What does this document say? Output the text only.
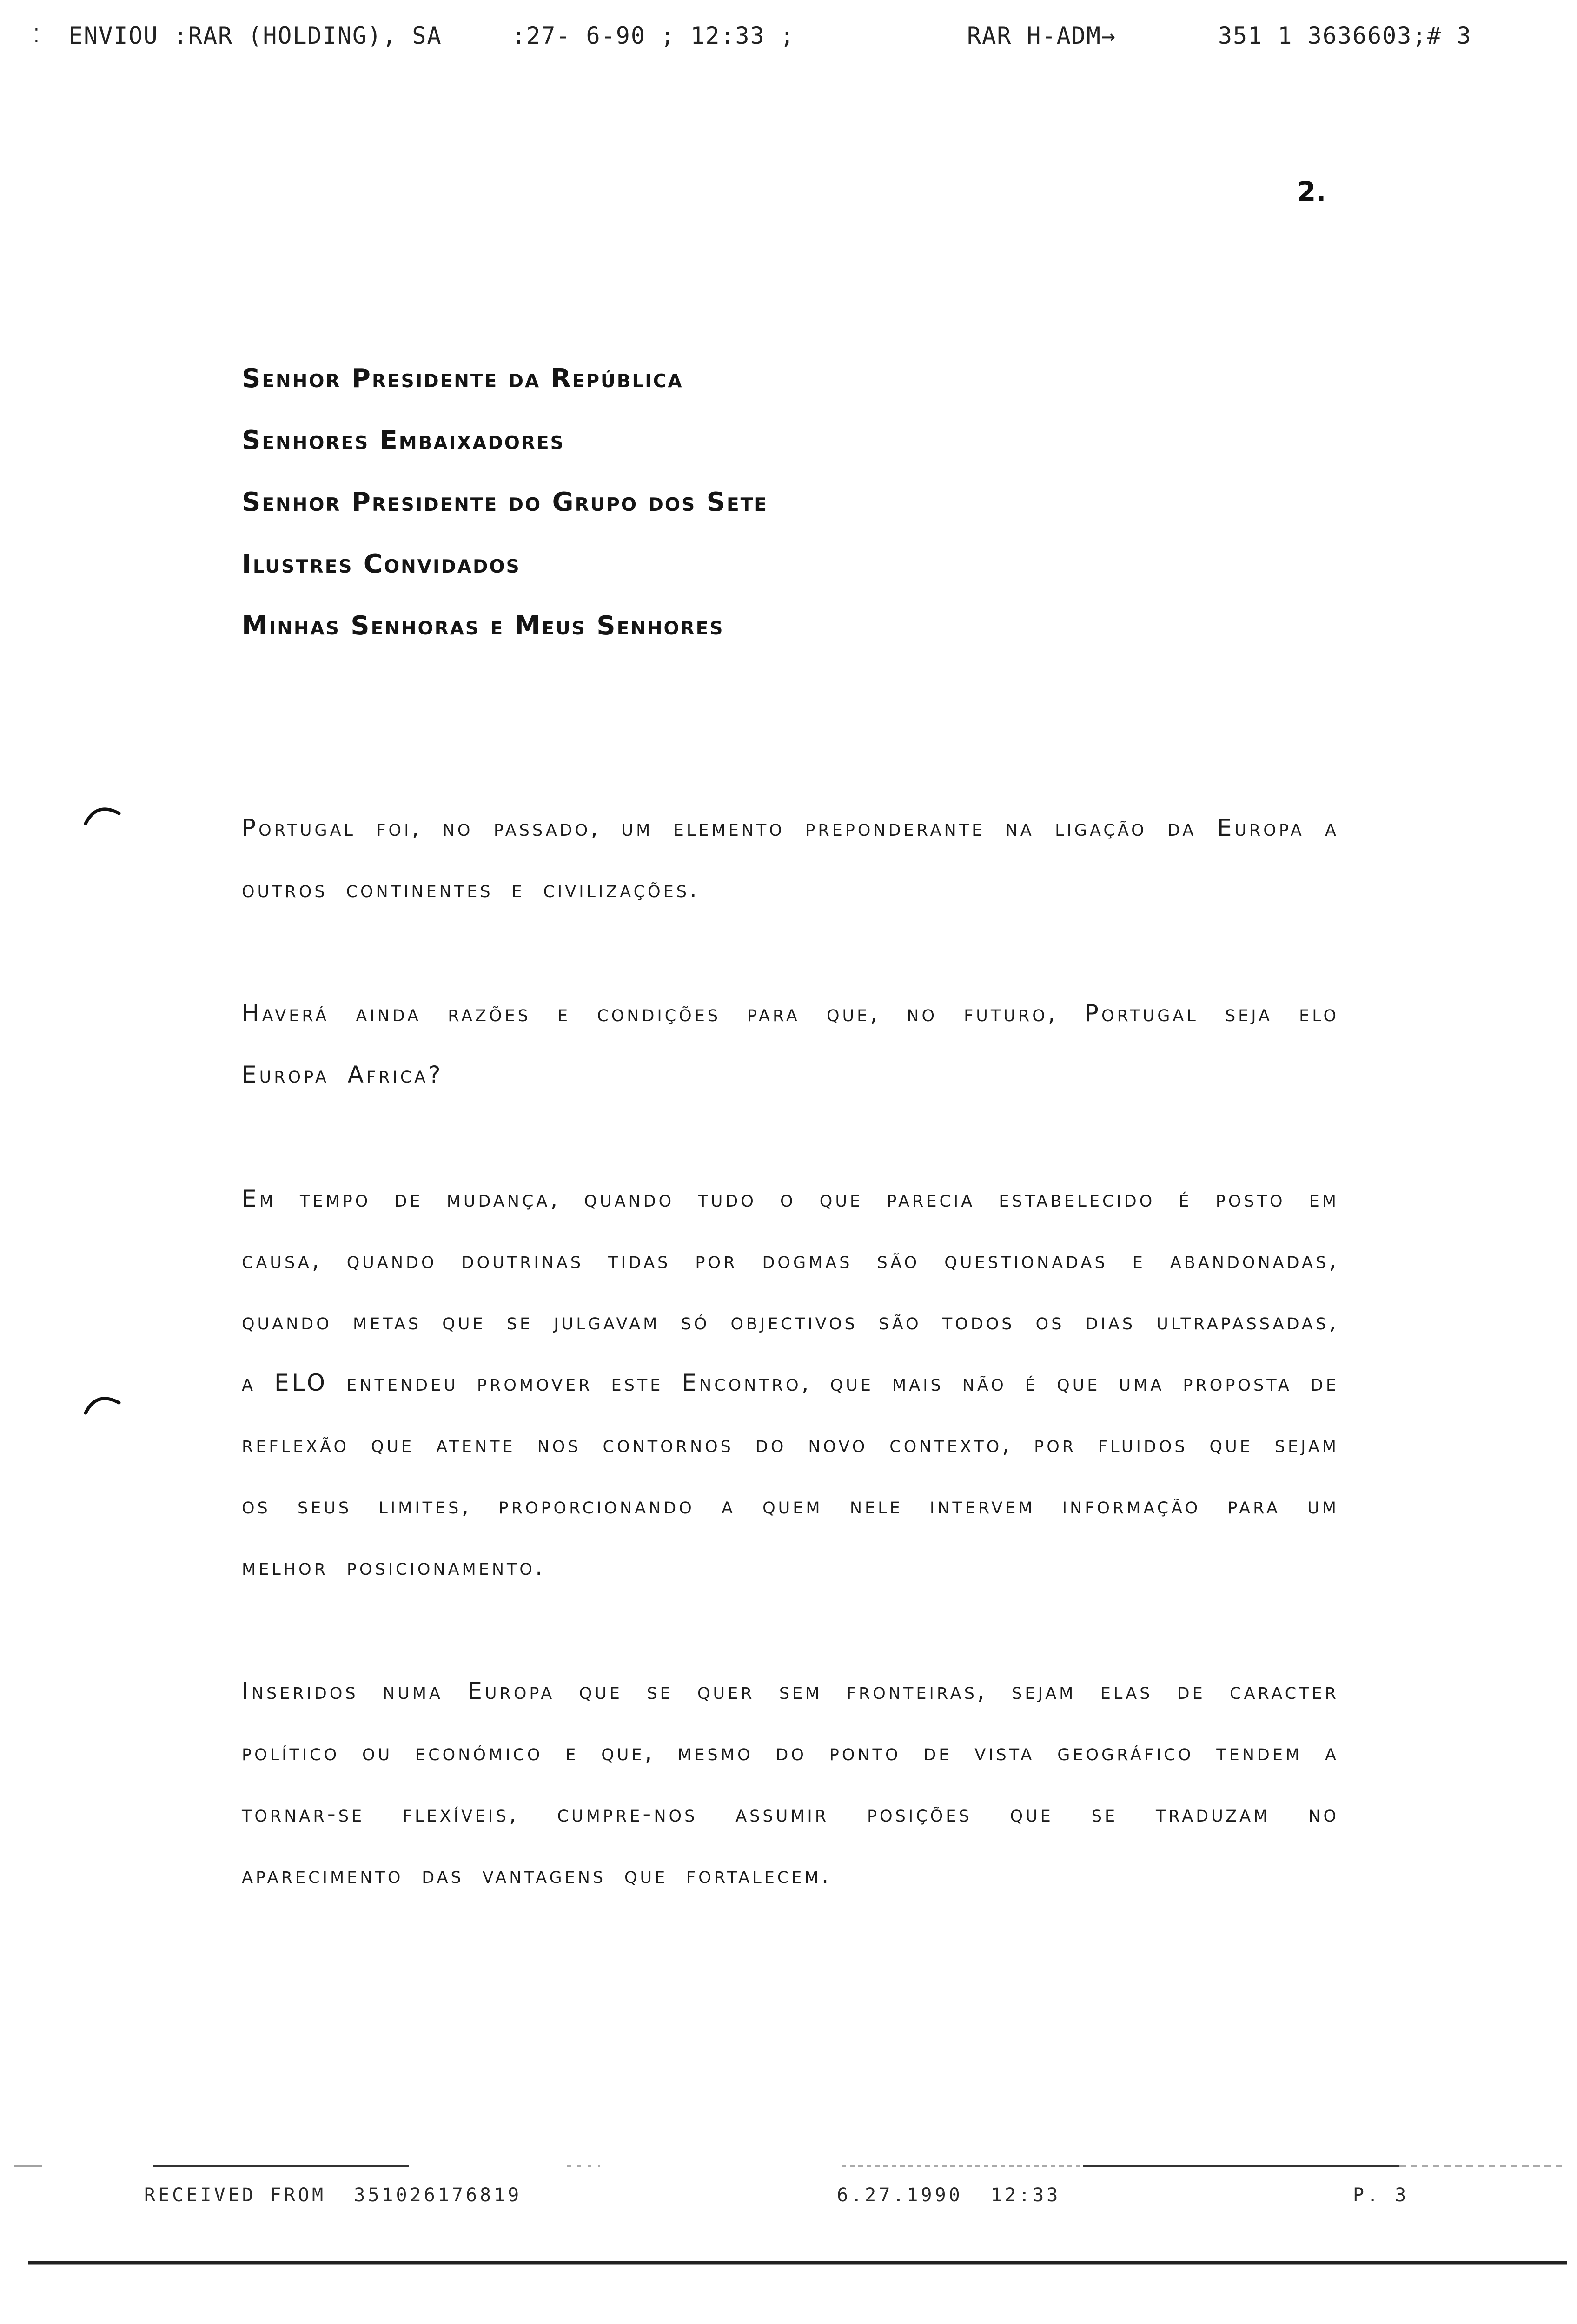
⁚ ENVIOU :RAR (HOLDING), SA	:27- 6-90 ; 12:33 ;	RAR H-ADM→	351 1 3636603;# 3
2.
Senhor Presidente da República
Senhores Embaixadores
Senhor Presidente do Grupo dos Sete
Ilustres Convidados
Minhas Senhoras e Meus Senhores

Portugal foi, no passado, um elemento preponderante na ligação da Europa a outros continentes e civilizações.

Haverá ainda razões e condições para que, no futuro, Portugal seja elo Europa Africa?

Em tempo de mudança, quando tudo o que parecia estabelecido é posto em causa, quando doutrinas tidas por dogmas são questionadas e abandonadas, quando metas que se julgavam só objectivos são todos os dias ultrapassadas, a ELO entendeu promover este Encontro, que mais não é que uma proposta de reflexão que atente nos contornos do novo contexto, por fluidos que sejam os seus limites, proporcionando a quem nele intervem informação para um melhor posicionamento.

Inseridos numa Europa que se quer sem fronteiras, sejam elas de caracter político ou económico e que, mesmo do ponto de vista geográfico tendem a tornar-se flexíveis, cumpre-nos assumir posições que se traduzam no aparecimento das vantagens que fortalecem.

RECEIVED FROM  351026176819	6.27.1990  12:33	P. 3
